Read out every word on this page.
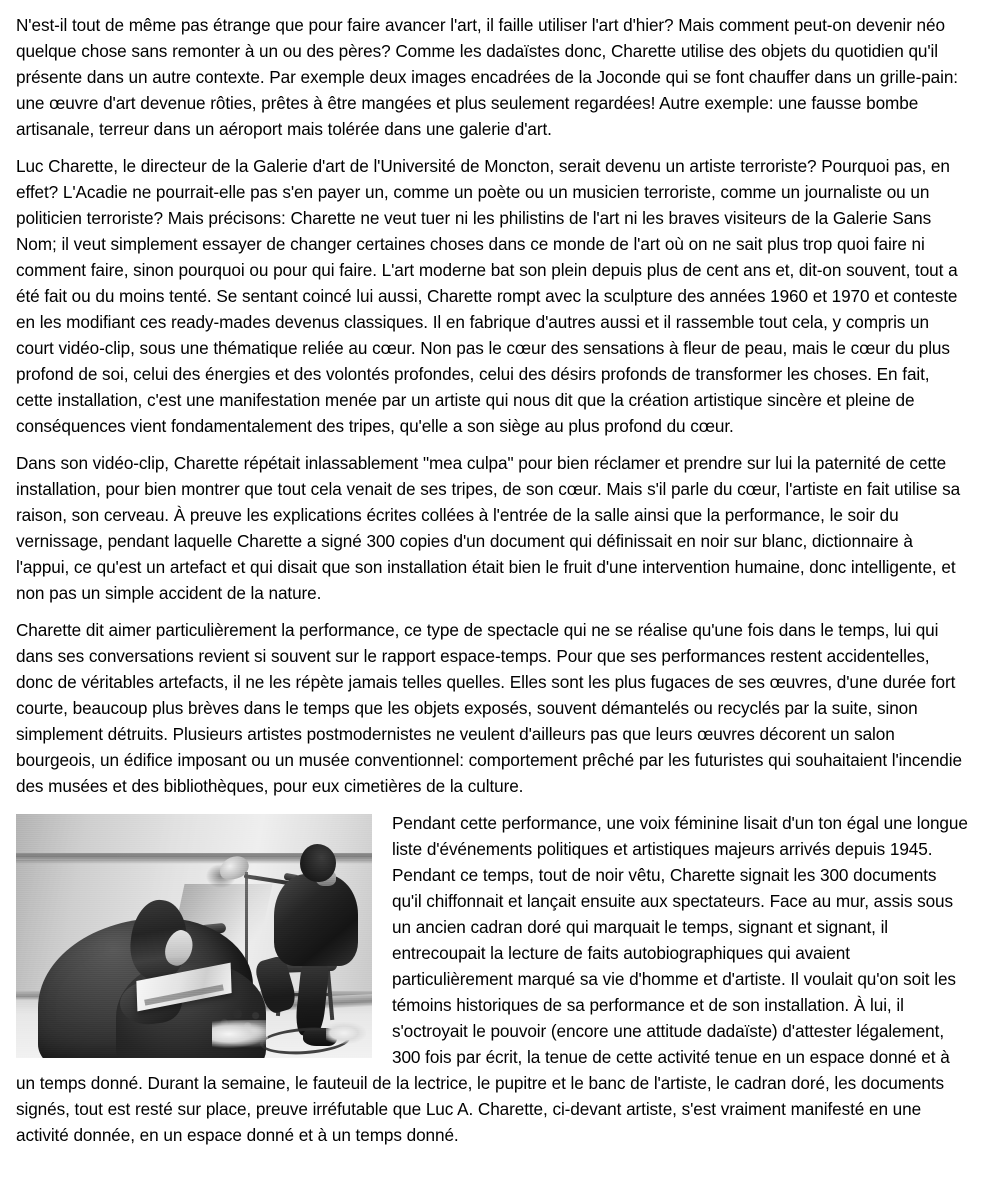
N'est-il tout de même pas étrange que pour faire avancer l'art, il faille utiliser l'art d'hier? Mais comment peut-on devenir néo quelque chose sans remonter à un ou des pères? Comme les dadaïstes donc, Charette utilise des objets du quotidien qu'il présente dans un autre contexte. Par exemple deux images encadrées de la Joconde qui se font chauffer dans un grille-pain: une œuvre d'art devenue rôties, prêtes à être mangées et plus seulement regardées! Autre exemple: une fausse bombe artisanale, terreur dans un aéroport mais tolérée dans une galerie d'art.

Luc Charette, le directeur de la Galerie d'art de l'Université de Moncton, serait devenu un artiste terroriste? Pourquoi pas, en effet? L'Acadie ne pourrait-elle pas s'en payer un, comme un poète ou un musicien terroriste, comme un journaliste ou un politicien terroriste? Mais précisons: Charette ne veut tuer ni les philistins de l'art ni les braves visiteurs de la Galerie Sans Nom; il veut simplement essayer de changer certaines choses dans ce monde de l'art où on ne sait plus trop quoi faire ni comment faire, sinon pourquoi ou pour qui faire. L'art moderne bat son plein depuis plus de cent ans et, dit-on souvent, tout a été fait ou du moins tenté. Se sentant coincé lui aussi, Charette rompt avec la sculpture des années 1960 et 1970 et conteste en les modifiant ces ready-mades devenus classiques. Il en fabrique d'autres aussi et il rassemble tout cela, y compris un court vidéo-clip, sous une thématique reliée au cœur. Non pas le cœur des sensations à fleur de peau, mais le cœur du plus profond de soi, celui des énergies et des volontés profondes, celui des désirs profonds de transformer les choses. En fait, cette installation, c'est une manifestation menée par un artiste qui nous dit que la création artistique sincère et pleine de conséquences vient fondamentalement des tripes, qu'elle a son siège au plus profond du cœur.

Dans son vidéo-clip, Charette répétait inlassablement "mea culpa" pour bien réclamer et prendre sur lui la paternité de cette installation, pour bien montrer que tout cela venait de ses tripes, de son cœur. Mais s'il parle du cœur, l'artiste en fait utilise sa raison, son cerveau. À preuve les explications écrites collées à l'entrée de la salle ainsi que la performance, le soir du vernissage, pendant laquelle Charette a signé 300 copies d'un document qui définissait en noir sur blanc, dictionnaire à l'appui, ce qu'est un artefact et qui disait que son installation était bien le fruit d'une intervention humaine, donc intelligente, et non pas un simple accident de la nature.

Charette dit aimer particulièrement la performance, ce type de spectacle qui ne se réalise qu'une fois dans le temps, lui qui dans ses conversations revient si souvent sur le rapport espace-temps. Pour que ses performances restent accidentelles, donc de véritables artefacts, il ne les répète jamais telles quelles. Elles sont les plus fugaces de ses œuvres, d'une durée fort courte, beaucoup plus brèves dans le temps que les objets exposés, souvent démantelés ou recyclés par la suite, sinon simplement détruits. Plusieurs artistes postmodernistes ne veulent d'ailleurs pas que leurs œuvres décorent un salon bourgeois, un édifice imposant ou un musée conventionnel: comportement prêché par les futuristes qui souhaitaient l'incendie des musées et des bibliothèques, pour eux cimetières de la culture.

Pendant cette performance, une voix féminine lisait d'un ton égal une longue liste d'événements politiques et artistiques majeurs arrivés depuis 1945. Pendant ce temps, tout de noir vêtu, Charette signait les 300 documents qu'il chiffonnait et lançait ensuite aux spectateurs. Face au mur, assis sous un ancien cadran doré qui marquait le temps, signant et signant, il entrecoupait la lecture de faits autobiographiques qui avaient particulièrement marqué sa vie d'homme et d'artiste. Il voulait qu'on soit les témoins historiques de sa performance et de son installation. À lui, il s'octroyait le pouvoir (encore une attitude dadaïste) d'attester légalement, 300 fois par écrit, la tenue de cette activité tenue en un espace donné et à un temps donné. Durant la semaine, le fauteuil de la lectrice, le pupitre et le banc de l'artiste, le cadran doré, les documents signés, tout est resté sur place, preuve irréfutable que Luc A. Charette, ci-devant artiste, s'est vraiment manifesté en une activité donnée, en un espace donné et à un temps donné.
